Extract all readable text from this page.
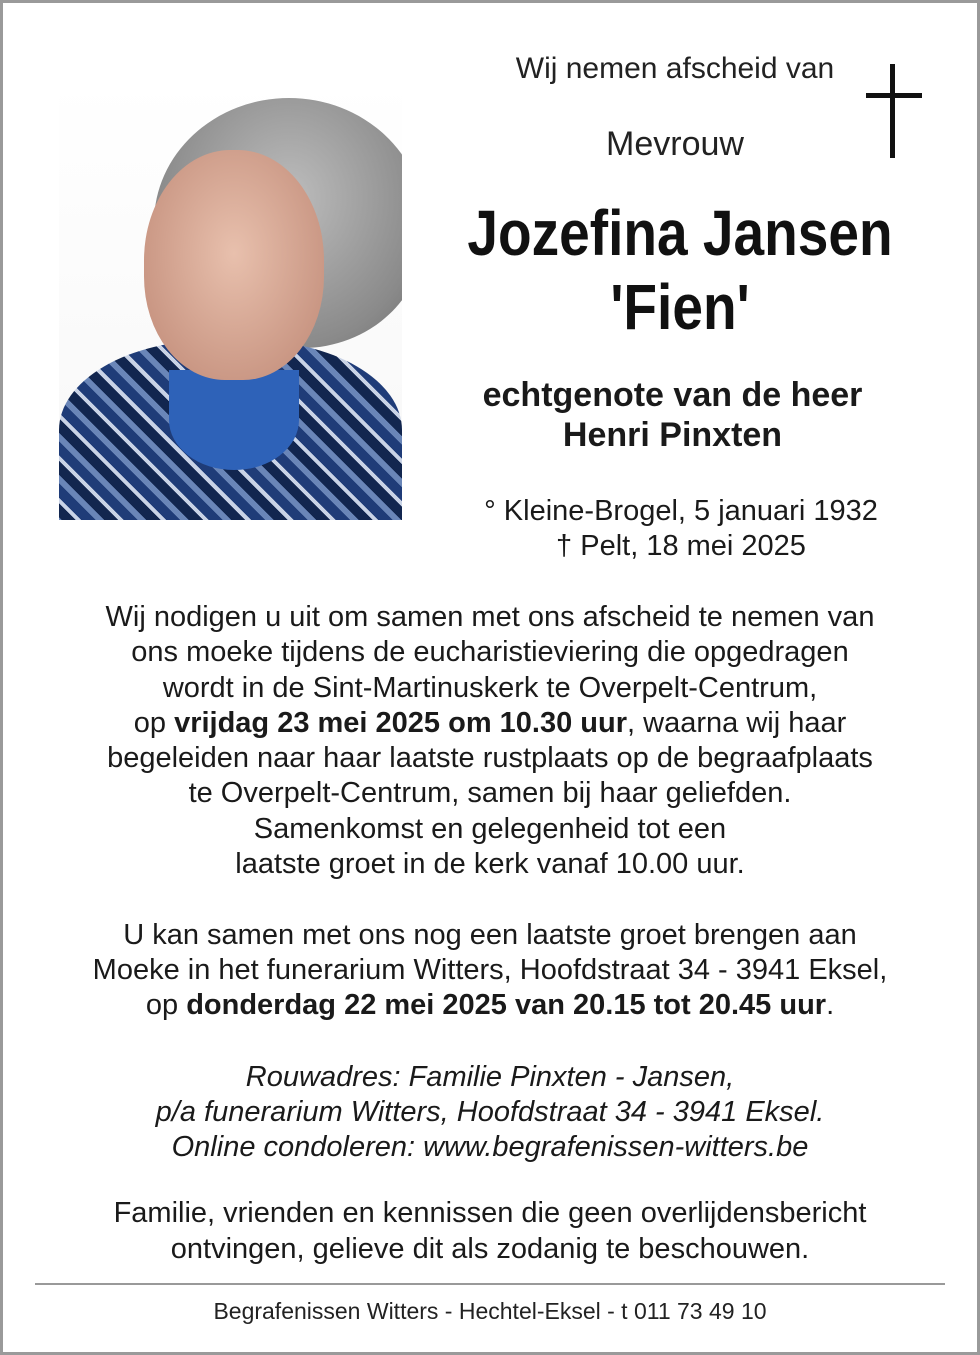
Wij nemen afscheid van
Mevrouw
Jozefina Jansen
'Fien'
echtgenote van de heer
Henri Pinxten
° Kleine-Brogel, 5 januari 1932
† Pelt, 18 mei 2025
Wij nodigen u uit om samen met ons afscheid te nemen van
ons moeke tijdens de eucharistieviering die opgedragen
wordt in de Sint-Martinuskerk te Overpelt-Centrum,
op vrijdag 23 mei 2025 om 10.30 uur, waarna wij haar
begeleiden naar haar laatste rustplaats op de begraafplaats
te Overpelt-Centrum, samen bij haar geliefden.
Samenkomst en gelegenheid tot een
laatste groet in de kerk vanaf 10.00 uur.
U kan samen met ons nog een laatste groet brengen aan
Moeke in het funerarium Witters, Hoofdstraat 34 - 3941 Eksel,
op donderdag 22 mei 2025 van 20.15 tot 20.45 uur.
Rouwadres: Familie Pinxten - Jansen,
p/a funerarium Witters, Hoofdstraat 34 - 3941 Eksel.
Online condoleren: www.begrafenissen-witters.be
Familie, vrienden en kennissen die geen overlijdensbericht
ontvingen, gelieve dit als zodanig te beschouwen.
Begrafenissen Witters - Hechtel-Eksel - t 011 73 49 10
